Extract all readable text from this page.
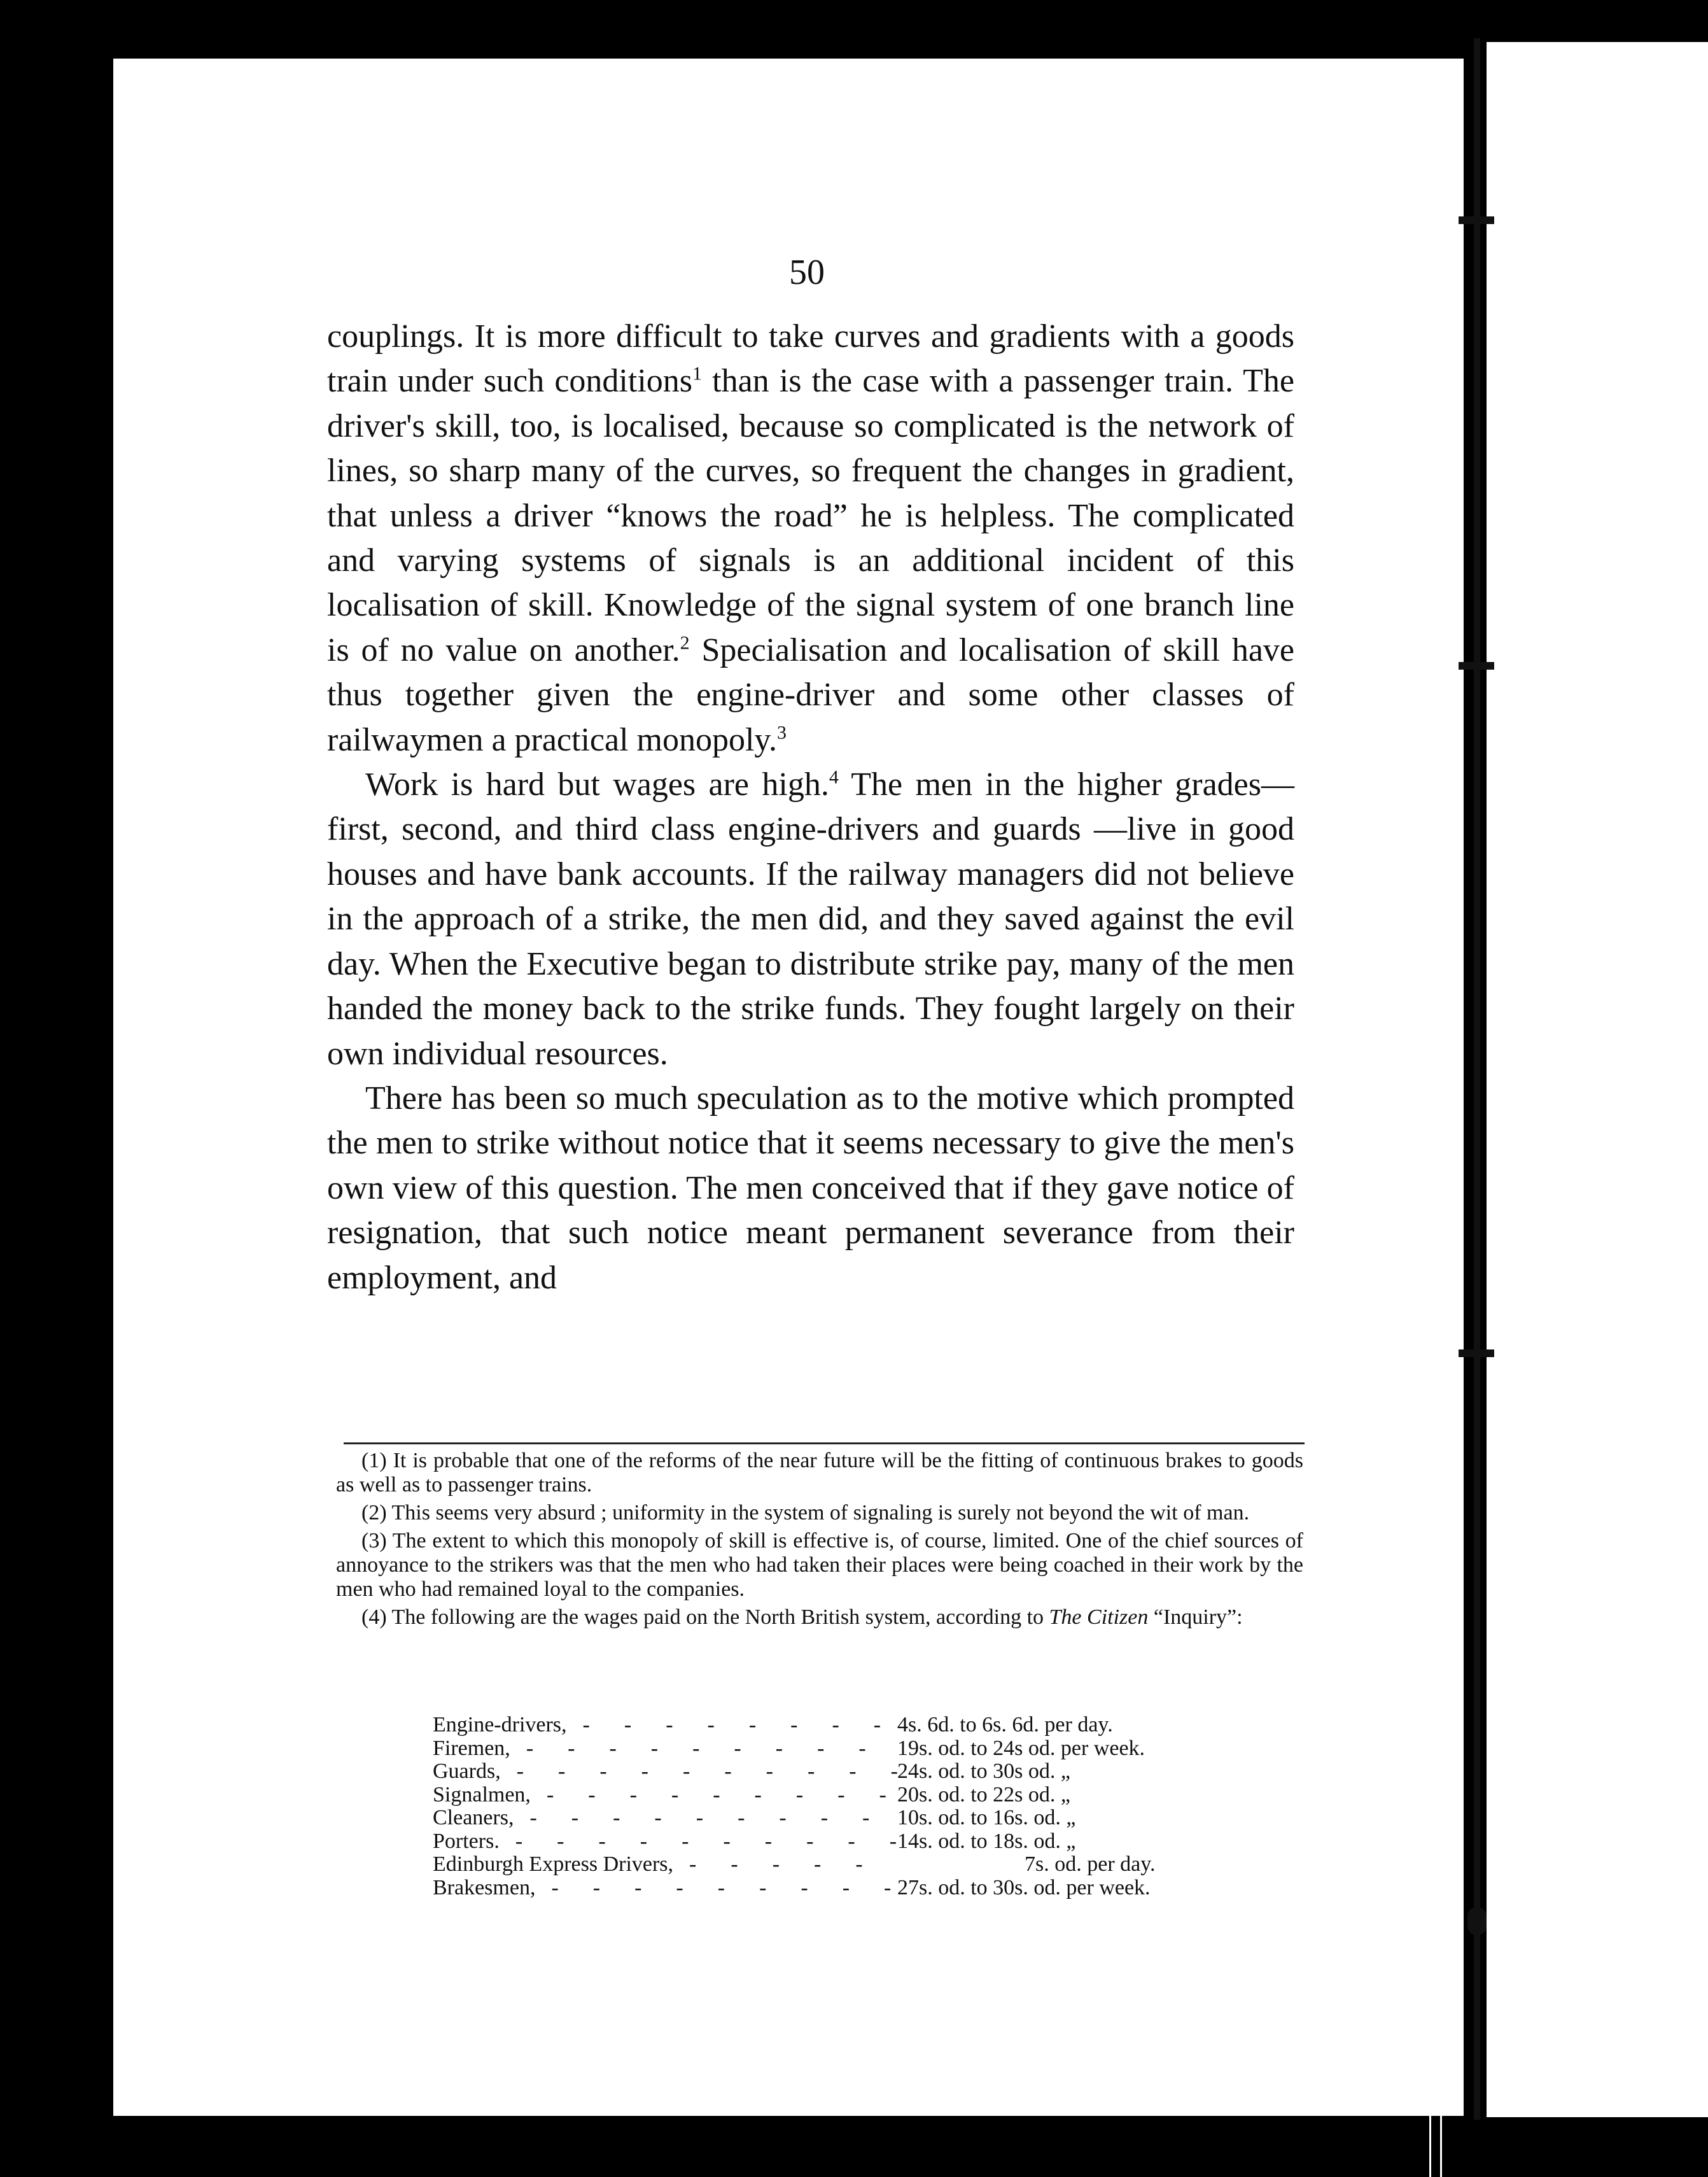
50

couplings. It is more difficult to take curves and gradients with a goods train under such conditions$^1$ than is the case with a passenger train. The driver's skill, too, is localised, because so complicated is the network of lines, so sharp many of the curves, so frequent the changes in gradient, that unless a driver “knows the road” he is helpless. The complicated and varying systems of signals is an additional incident of this localisation of skill. Knowledge of the signal system of one branch line is of no value on another.$^2$ Specialisation and localisation of skill have thus together given the engine-driver and some other classes of railwaymen a practical monopoly.$^3$

Work is hard but wages are high.$^4$ The men in the higher grades—first, second, and third class engine-drivers and guards —live in good houses and have bank accounts. If the railway managers did not believe in the approach of a strike, the men did, and they saved against the evil day. When the Executive began to distribute strike pay, many of the men handed the money back to the strike funds. They fought largely on their own individual resources.

There has been so much speculation as to the motive which prompted the men to strike without notice that it seems necessary to give the men's own view of this question. The men conceived that if they gave notice of resignation, that such notice meant permanent severance from their employment, and

(1) It is probable that one of the reforms of the near future will be the fitting of continuous brakes to goods as well as to passenger trains.

(2) This seems very absurd ; uniformity in the system of signaling is surely not beyond the wit of man.

(3) The extent to which this monopoly of skill is effective is, of course, limited. One of the chief sources of annoyance to the strikers was that the men who had taken their places were being coached in their work by the men who had remained loyal to the companies.

(4) The following are the wages paid on the North British system, according to The Citizen “Inquiry”:

Engine-drivers, -	4s. 6d. to 6s. 6d. per day.
Firemen, -	19s. od. to 24s od. per week.
Guards, -	24s. od. to 30s od. „
Signalmen, -	20s. od. to 22s od. „
Cleaners, -	10s. od. to 16s. od. „
Porters. -	14s. od. to 18s. od. „
Edinburgh Express Drivers, -	7s. od. per day.
Brakesmen, -	27s. od. to 30s. od. per week.
